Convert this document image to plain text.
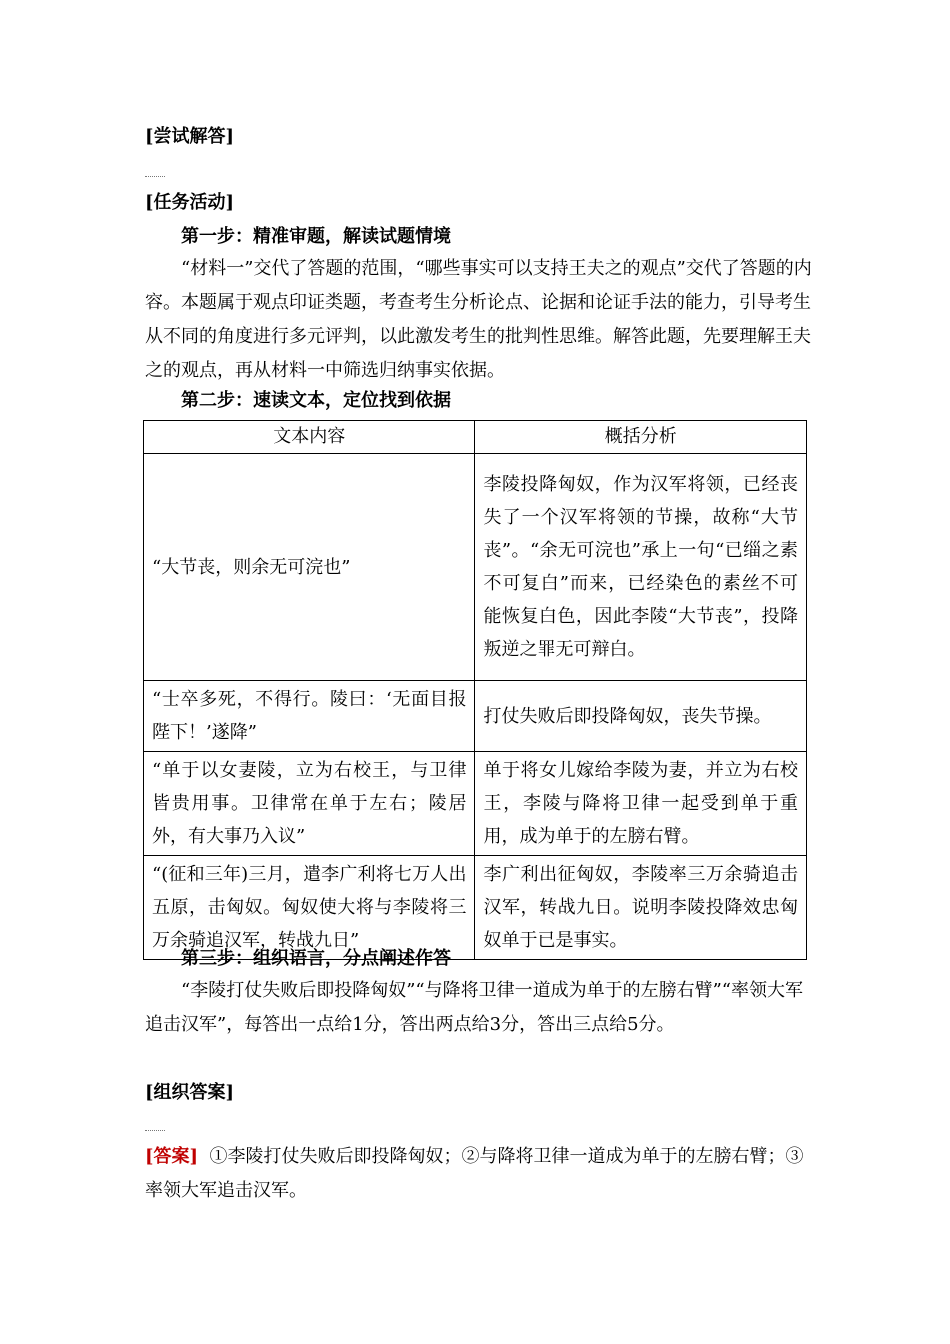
[尝试解答]
[任务活动]
第一步：精准审题，解读试题情境
“材料一”交代了答题的范围，“哪些事实可以支持王夫之的观点”交代了答题的内容。本题属于观点印证类题，考查考生分析论点、论据和论证手法的能力，引导考生从不同的角度进行多元评判，以此激发考生的批判性思维。解答此题，先要理解王夫之的观点，再从材料一中筛选归纳事实依据。
第二步：速读文本，定位找到依据
文本内容	概括分析
“大节丧，则余无可浣也”	李陵投降匈奴，作为汉军将领，已经丧失了一个汉军将领的节操，故称“大节丧”。“余无可浣也”承上一句“已缁之素不可复白”而来，已经染色的素丝不可能恢复白色，因此李陵“大节丧”，投降叛逆之罪无可辩白。
“士卒多死，不得行。陵曰：‘无面目报陛下！’遂降”	打仗失败后即投降匈奴，丧失节操。
“单于以女妻陵，立为右校王，与卫律皆贵用事。卫律常在单于左右；陵居外，有大事乃入议”	单于将女儿嫁给李陵为妻，并立为右校王，李陵与降将卫律一起受到单于重用，成为单于的左膀右臂。
“(征和三年)三月，遣李广利将七万人出五原，击匈奴。匈奴使大将与李陵将三万余骑追汉军，转战九日”	李广利出征匈奴，李陵率三万余骑追击汉军，转战九日。说明李陵投降效忠匈奴单于已是事实。
第三步：组织语言，分点阐述作答
“李陵打仗失败后即投降匈奴”“与降将卫律一道成为单于的左膀右臂”“率领大军追击汉军”，每答出一点给1分，答出两点给3分，答出三点给5分。
[组织答案]
[答案] ①李陵打仗失败后即投降匈奴；②与降将卫律一道成为单于的左膀右臂；③率领大军追击汉军。
